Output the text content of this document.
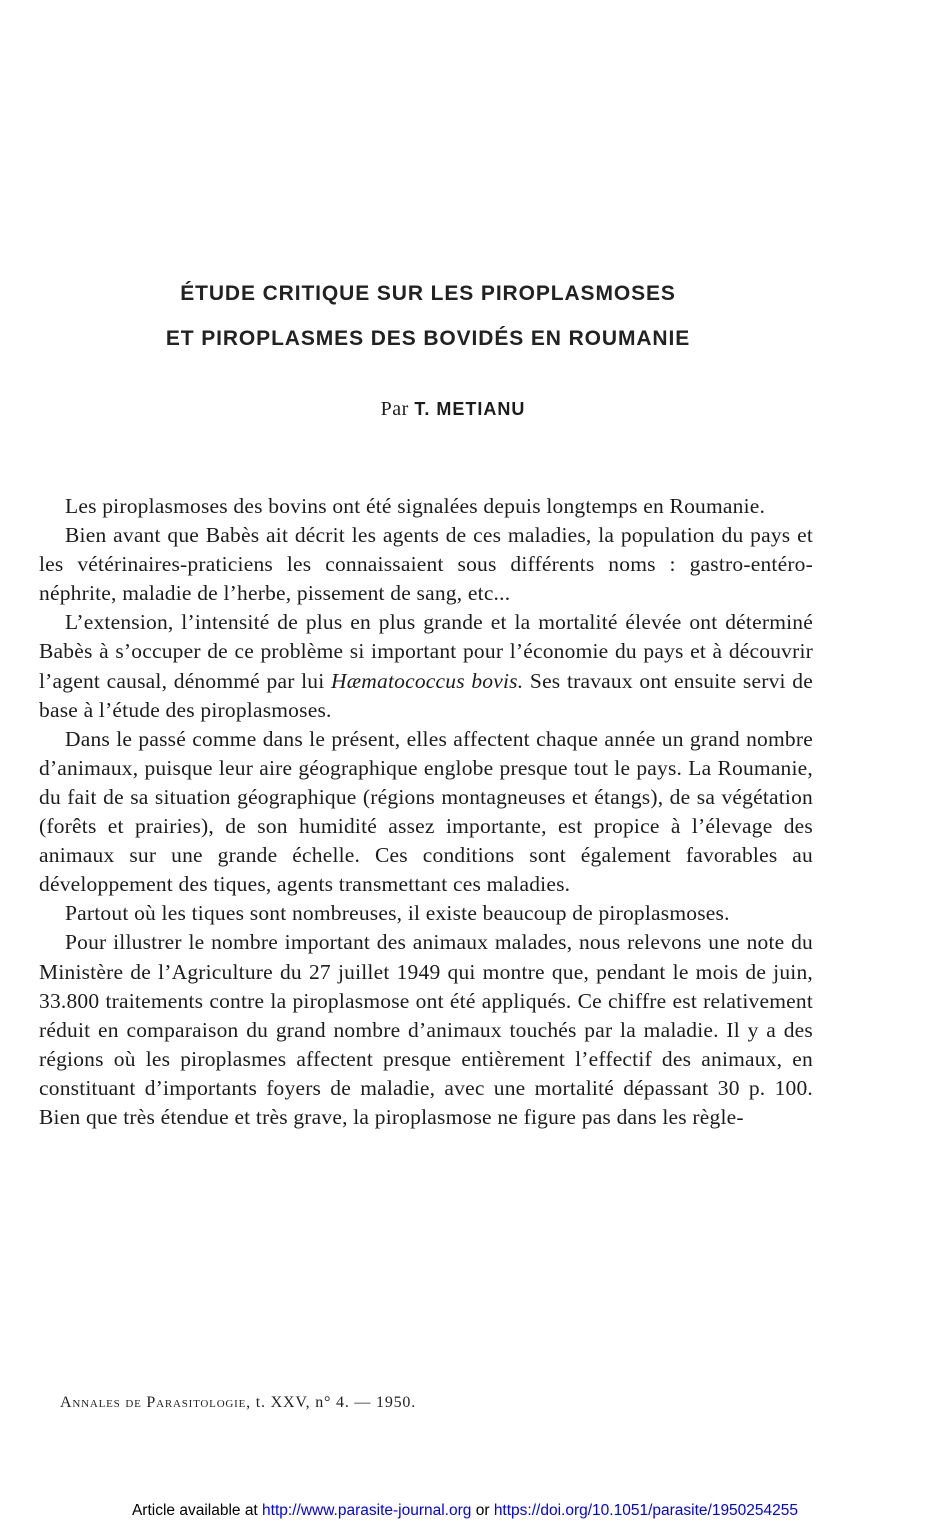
ÉTUDE CRITIQUE SUR LES PIROPLASMOSES
ET PIROPLASMES DES BOVIDÉS EN ROUMANIE

Par T. METIANU

Les piroplasmoses des bovins ont été signalées depuis longtemps en Roumanie.

Bien avant que Babès ait décrit les agents de ces maladies, la population du pays et les vétérinaires-praticiens les connaissaient sous différents noms : gastro-entéro-néphrite, maladie de l’herbe, pissement de sang, etc...

L’extension, l’intensité de plus en plus grande et la mortalité élevée ont déterminé Babès à s’occuper de ce problème si important pour l’économie du pays et à découvrir l’agent causal, dénommé par lui Hæmatococcus bovis. Ses travaux ont ensuite servi de base à l’étude des piroplasmoses.

Dans le passé comme dans le présent, elles affectent chaque année un grand nombre d’animaux, puisque leur aire géographique englobe presque tout le pays. La Roumanie, du fait de sa situation géographique (régions montagneuses et étangs), de sa végétation (forêts et prairies), de son humidité assez importante, est propice à l’élevage des animaux sur une grande échelle. Ces conditions sont également favorables au développement des tiques, agents transmettant ces maladies.

Partout où les tiques sont nombreuses, il existe beaucoup de piroplasmoses.

Pour illustrer le nombre important des animaux malades, nous relevons une note du Ministère de l’Agriculture du 27 juillet 1949 qui montre que, pendant le mois de juin, 33.800 traitements contre la piroplasmose ont été appliqués. Ce chiffre est relativement réduit en comparaison du grand nombre d’animaux touchés par la maladie. Il y a des régions où les piroplasmes affectent presque entièrement l’effectif des animaux, en constituant d’importants foyers de maladie, avec une mortalité dépassant 30 p. 100. Bien que très étendue et très grave, la piroplasmose ne figure pas dans les règle-

Annales de Parasitologie, t. XXV, n° 4. — 1950.
Article available at http://www.parasite-journal.org or https://doi.org/10.1051/parasite/1950254255
